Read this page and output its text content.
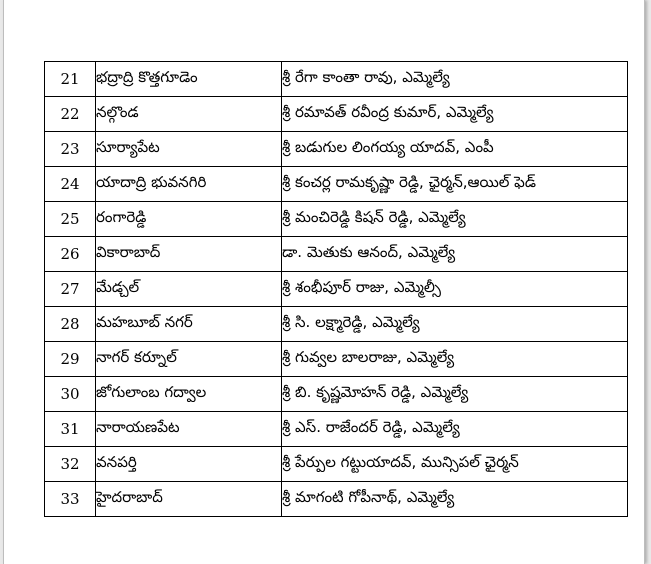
21	భద్రాద్రి కొత్తగూడెం	శ్రీ రేగా కాంతా రావు, ఎమ్మెల్యే
22	నల్గొండ	శ్రీ రమావత్ రవీంద్ర కుమార్, ఎమ్మెల్యే
23	సూర్యాపేట	శ్రీ బడుగుల లింగయ్య యాదవ్, ఎంపీ
24	యాదాద్రి భువనగిరి	శ్రీ కంచర్ల రామకృష్ణా రెడ్డి, ఛైర్మన్,ఆయిల్ ఫెడ్
25	రంగారెడ్డి	శ్రీ మంచిరెడ్డి కిషన్ రెడ్డి, ఎమ్మెల్యే
26	వికారాబాద్	డా. మెతుకు ఆనంద్, ఎమ్మెల్యే
27	మేడ్చల్	శ్రీ శంభీపూర్ రాజు, ఎమ్మెల్సీ
28	మహబూబ్ నగర్	శ్రీ సి. లక్ష్మారెడ్డి, ఎమ్మెల్యే
29	నాగర్ కర్నూల్	శ్రీ గువ్వల బాలరాజు, ఎమ్మెల్యే
30	జోగులాంబ గద్వాల	శ్రీ బి. కృష్ణమోహన్ రెడ్డి, ఎమ్మెల్యే
31	నారాయణపేట	శ్రీ ఎస్. రాజేందర్ రెడ్డి, ఎమ్మెల్యే
32	వనపర్తి	శ్రీ పేర్పుల గట్టుయాదవ్, మున్సిపల్ ఛైర్మన్
33	హైదరాబాద్	శ్రీ మాగంటి గోపీనాథ్, ఎమ్మెల్యే
